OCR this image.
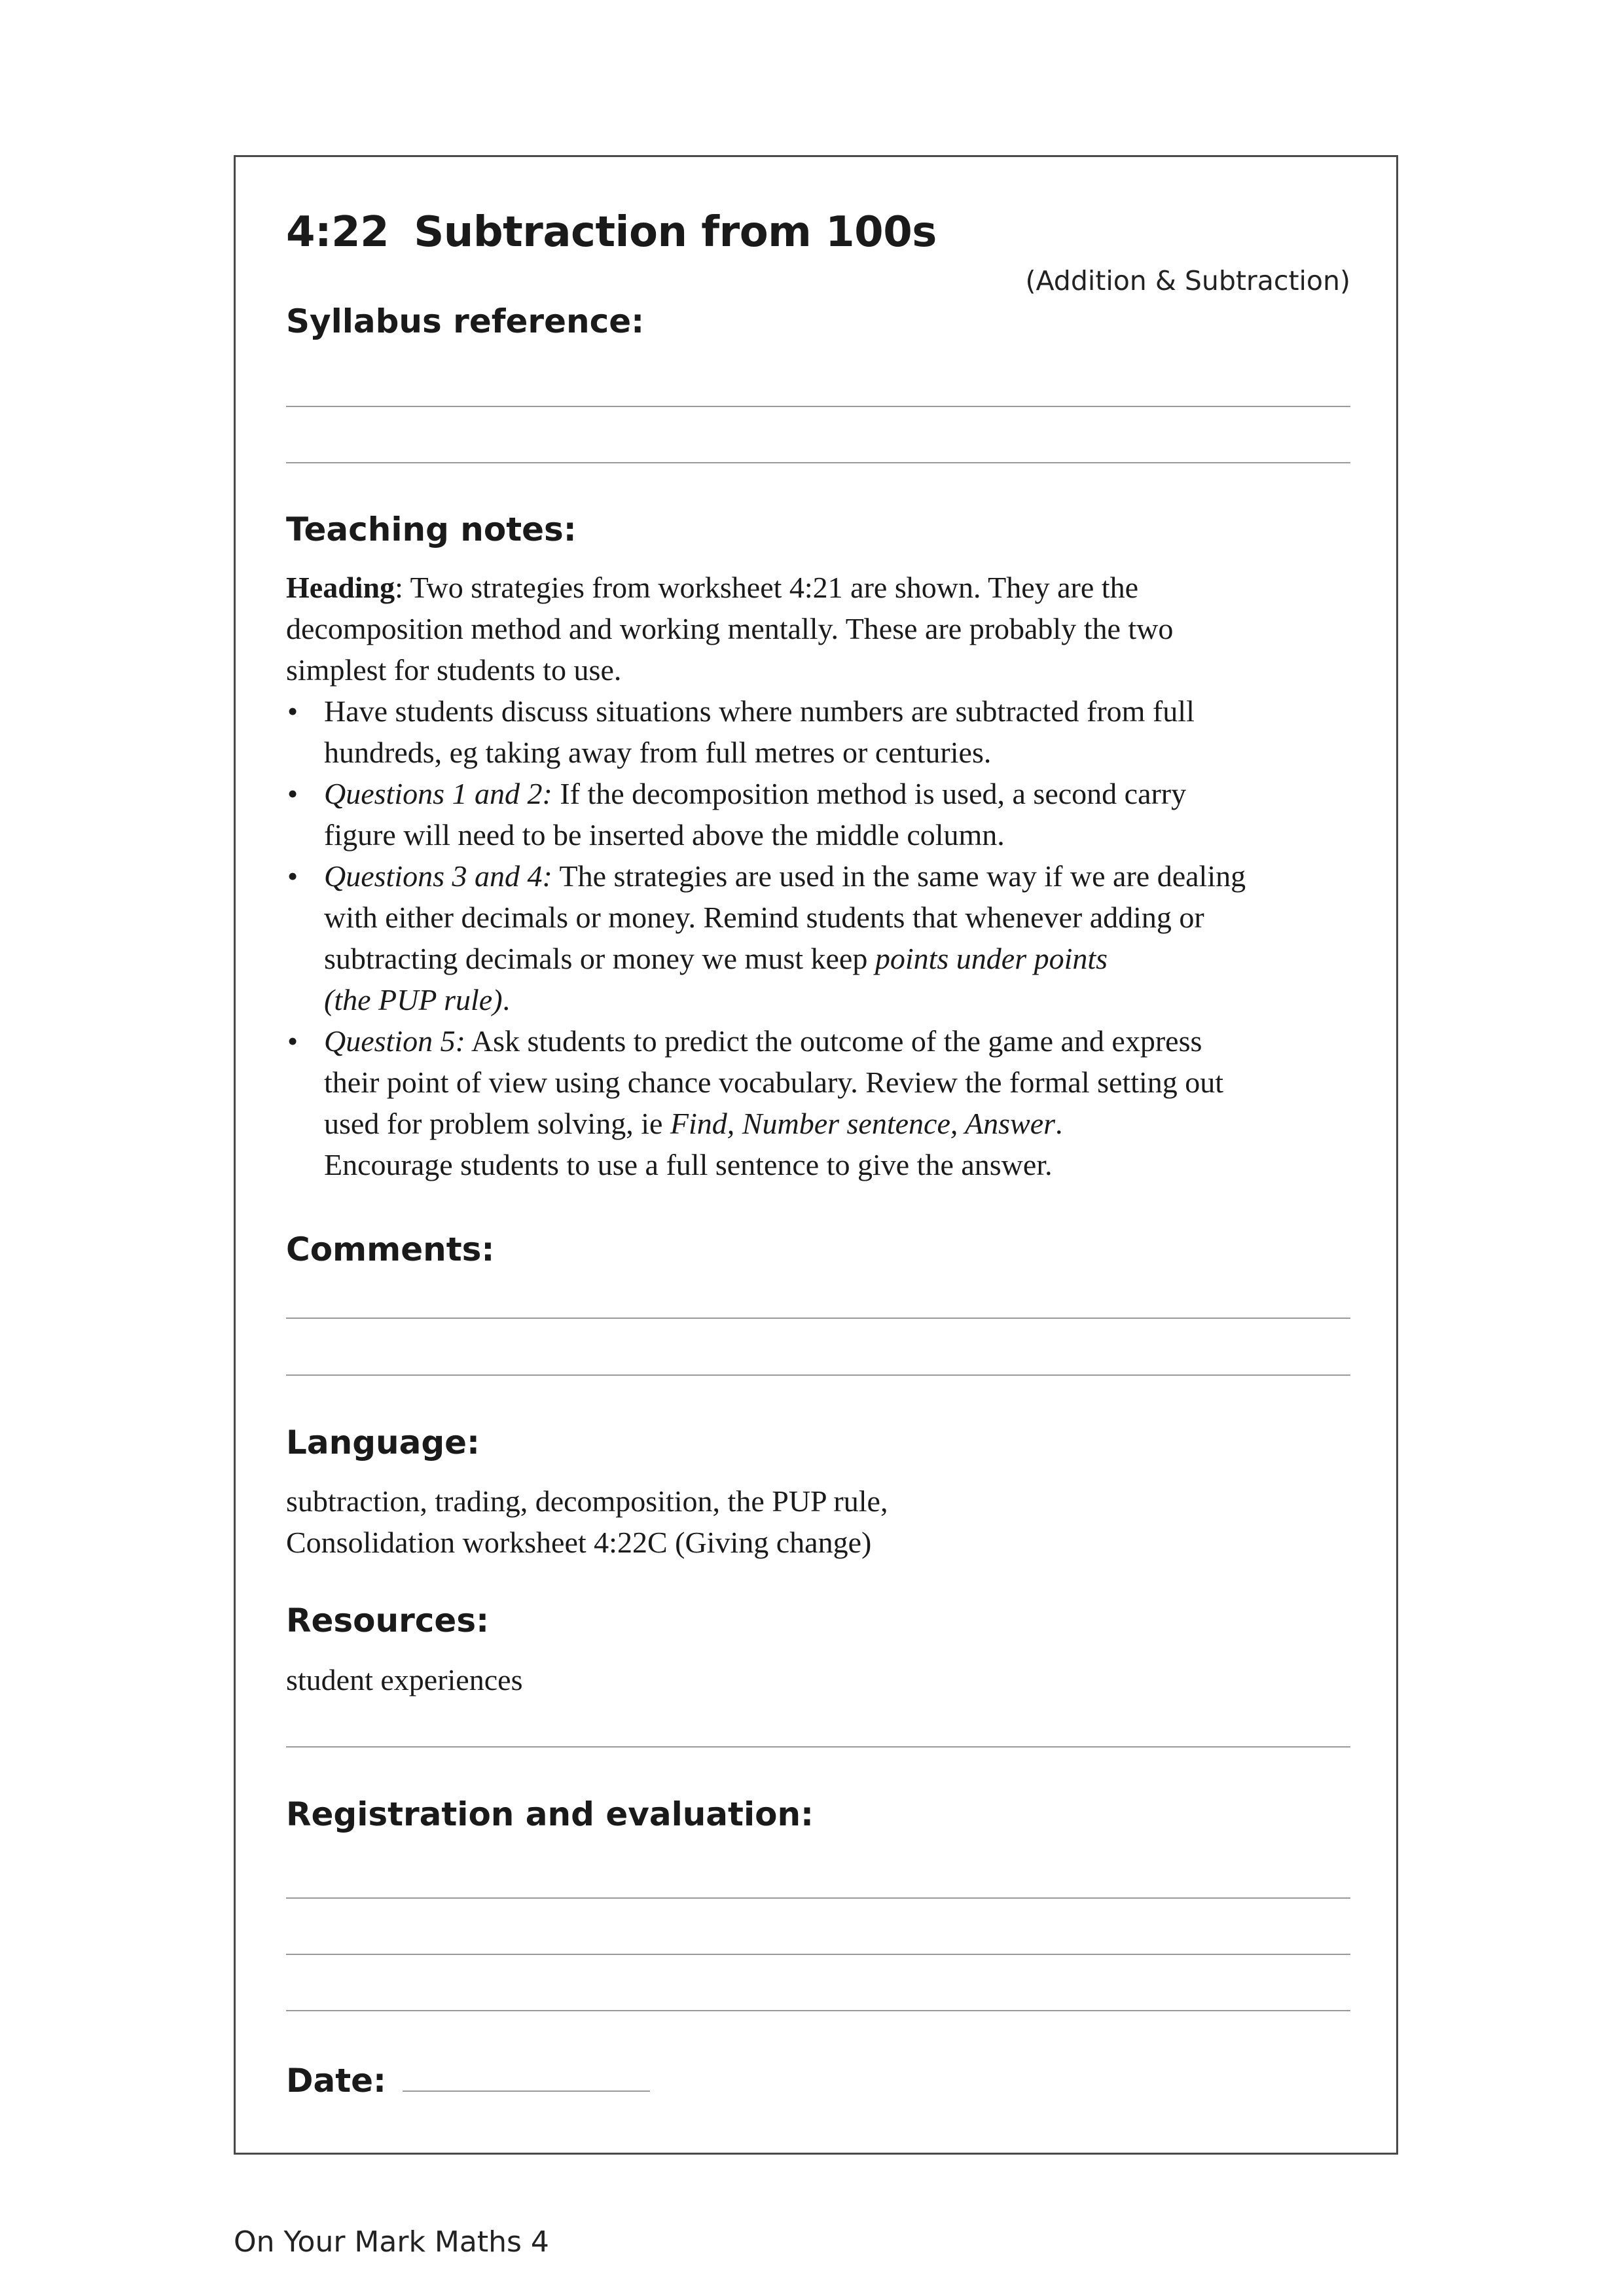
4:22 Subtraction from 100s
(Addition & Subtraction)
Syllabus reference:
Teaching notes:
Heading: Two strategies from worksheet 4:21 are shown. They are the
decomposition method and working mentally. These are probably the two
simplest for students to use.
• Have students discuss situations where numbers are subtracted from full
hundreds, eg taking away from full metres or centuries.
• Questions 1 and 2: If the decomposition method is used, a second carry
figure will need to be inserted above the middle column.
• Questions 3 and 4: The strategies are used in the same way if we are dealing
with either decimals or money. Remind students that whenever adding or
subtracting decimals or money we must keep points under points
(the PUP rule).
• Question 5: Ask students to predict the outcome of the game and express
their point of view using chance vocabulary. Review the formal setting out
used for problem solving, ie Find, Number sentence, Answer.
Encourage students to use a full sentence to give the answer.
Comments:
Language:
subtraction, trading, decomposition, the PUP rule,
Consolidation worksheet 4:22C (Giving change)
Resources:
student experiences
Registration and evaluation:
Date:
On Your Mark Maths 4
